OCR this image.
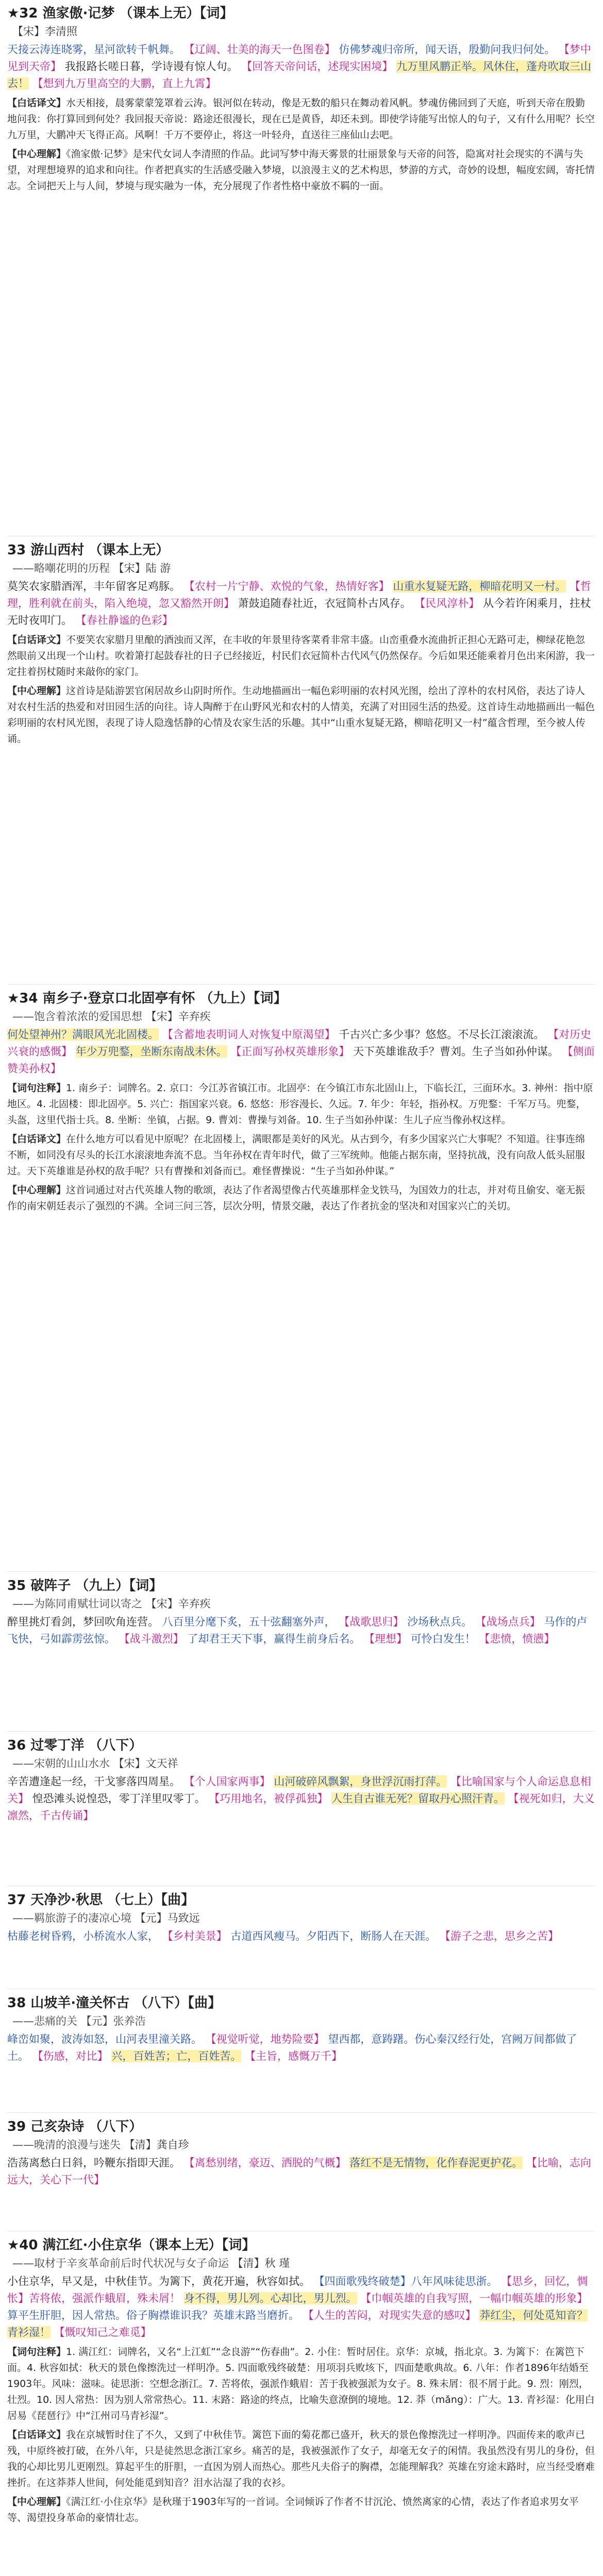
★32 渔家傲·记梦 （课本上无）【词】

【宋】李清照

天接云涛连晓雾，星河欲转千帆舞。 【辽阔、壮美的海天一色图卷】 仿佛梦魂归帝所，闻天语，殷勤问我归何处。 【梦中见到天帝】 我报路长嗟日暮，学诗谩有惊人句。 【回答天帝问话，述现实困境】 九万里风鹏正举。风休住，蓬舟吹取三山去！ 【想到九万里高空的大鹏，直上九霄】

【白话译文】水天相接，晨雾蒙蒙笼罩着云涛。银河似在转动，像是无数的船只在舞动着风帆。梦魂仿佛回到了天庭，听到天帝在殷勤地问我：你打算回到何处？我回报天帝说：路途还很漫长，现在已是黄昏，却还未到。即使学诗能写出惊人的句子，又有什么用呢？长空九万里，大鹏冲天飞得正高。风啊！千万不要停止，将这一叶轻舟，直送往三座仙山去吧。

【中心理解】《渔家傲·记梦》是宋代女词人李清照的作品。此词写梦中海天雾景的壮丽景象与天帝的问答，隐寓对社会现实的不满与失望，对理想境界的追求和向往。作者把真实的生活感受融入梦境，以浪漫主义的艺术构思，梦游的方式，奇妙的设想，幅度宏阔，寄托情志。全词把天上与人间，梦境与现实融为一体，充分展现了作者性格中豪放不羁的一面。

33 游山西村 （课本上无）

——略嘲花明的历程 【宋】陆 游

莫笑农家腊酒浑，丰年留客足鸡豚。 【农村一片宁静、欢悦的气象，热情好客】 山重水复疑无路，柳暗花明又一村。 【哲理，胜利就在前头，陷入绝境，忽又豁然开朗】 萧鼓追随春社近，衣冠简朴古风存。 【民风淳朴】 从今若许闲乘月，拄杖无时夜叩门。 【春社静谧的色彩】

【白话译文】不要笑农家腊月里酿的酒浊而又浑，在丰收的年景里待客菜肴非常丰盛。山峦重叠水流曲折正担心无路可走，柳绿花艳忽然眼前又出现一个山村。吹着箫打起鼓春社的日子已经接近，村民们衣冠简朴古代风气仍然保存。今后如果还能乘着月色出来闲游，我一定拄着拐杖随时来敲你的家门。

【中心理解】这首诗是陆游罢官闲居故乡山阴时所作。生动地描画出一幅色彩明丽的农村风光图，绘出了淳朴的农村风俗，表达了诗人对农村生活的热爱和对田园生活的向往。诗人陶醉于在山野风光和农村的人情美，充满了对田园生活的热爱。这首诗生动地描画出一幅色彩明丽的农村风光图，表现了诗人隐逸恬静的心情及农家生活的乐趣。其中“山重水复疑无路，柳暗花明又一村”蕴含哲理，至今被人传诵。

★34 南乡子·登京口北固亭有怀 （九上）【词】

——饱含着浓浓的爱国思想 【宋】辛弃疾

何处望神州？满眼风光北固楼。 【含蓄地表明词人对恢复中原渴望】 千古兴亡多少事？悠悠。不尽长江滚滚流。 【对历史兴衰的感慨】 年少万兜鍪，坐断东南战未休。 【正面写孙权英雄形象】 天下英雄谁敌手？曹刘。生子当如孙仲谋。 【侧面赞美孙权】

【词句注释】1. 南乡子：词牌名。2. 京口：今江苏省镇江市。北固亭：在今镇江市东北固山上，下临长江，三面环水。3. 神州：指中原地区。4. 北固楼：即北固亭。5. 兴亡：指国家兴衰。6. 悠悠：形容漫长、久远。7. 年少：年轻，指孙权。万兜鍪：千军万马。兜鍪，头盔，这里代指士兵。8. 坐断：坐镇，占据。9. 曹刘：曹操与刘备。10. 生子当如孙仲谋：生儿子应当像孙权这样。

【白话译文】在什么地方可以看见中原呢？在北固楼上，满眼都是美好的风光。从古到今，有多少国家兴亡大事呢？不知道。往事连绵不断，如同没有尽头的长江水滚滚地奔流不息。当年孙权在青年时代，做了三军统帅。他能占据东南，坚持抗战，没有向敌人低头屈服过。天下英雄谁是孙权的敌手呢？只有曹操和刘备而已。难怪曹操说：“生子当如孙仲谋。”

【中心理解】这首词通过对古代英雄人物的歌颂，表达了作者渴望像古代英雄那样金戈铁马，为国效力的壮志，并对苟且偷安、毫无振作的南宋朝廷表示了强烈的不满。全词三问三答，层次分明，情景交融，表达了作者抗金的坚决和对国家兴亡的关切。

35 破阵子 （九上）【词】

——为陈同甫赋壮词以寄之 【宋】辛弃疾

醉里挑灯看剑，梦回吹角连营。 八百里分麾下炙，五十弦翻塞外声， 【战歌思归】 沙场秋点兵。 【战场点兵】 马作的卢飞快，弓如霹雳弦惊。 【战斗激烈】 了却君王天下事，赢得生前身后名。 【理想】 可怜白发生！ 【悲愤，愤懑】

36 过零丁洋 （八下）

——宋朝的山山水水 【宋】文天祥

辛苦遭逢起一经，干戈寥落四周星。 【个人国家两事】 山河破碎风飘絮，身世浮沉雨打萍。 【比喻国家与个人命运息息相关】 惶恐滩头说惶恐，零丁洋里叹零丁。 【巧用地名，被俘孤独】 人生自古谁无死？留取丹心照汗青。 【视死如归，大义凛然，千古传诵】

37 天净沙·秋思 （七上）【曲】

——羁旅游子的凄凉心境 【元】马致远

枯藤老树昏鸦，小桥流水人家， 【乡村美景】 古道西风瘦马。夕阳西下，断肠人在天涯。 【游子之悲，思乡之苦】

38 山坡羊·潼关怀古 （八下）【曲】

——悲痛的关 【元】张养浩

峰峦如聚，波涛如怒，山河表里潼关路。 【视觉听觉，地势险要】 望西都，意踌躇。伤心秦汉经行处，宫阙万间都做了土。 【伤感，对比】 兴，百姓苦；亡，百姓苦。 【主旨，感慨万千】

39 己亥杂诗 （八下）

——晚清的浪漫与迷失 【清】龚自珍

浩荡离愁白日斜，吟鞭东指即天涯。 【离愁别绪，豪迈、洒脱的气概】 落红不是无情物，化作春泥更护花。 【比喻，志向远大，关心下一代】

★40 满江红·小住京华（课本上无）【词】

——取材于辛亥革命前后时代状况与女子命运 【清】秋 瑾

小住京华，早又是，中秋佳节。为篱下，黄花开遍，秋容如拭。 【四面歌残终破楚】八年风味徒思浙。 【思乡，回忆，惆怅】苦将侬，强派作蛾眉，殊未屑！ 身不得，男儿列。心却比，男儿烈。 【巾帼英雄的自我写照，一幅巾帼英雄的形象】 算平生肝胆，因人常热。俗子胸襟谁识我？英雄末路当磨折。 【人生的苦闷，对现实失意的感叹】 莽红尘，何处觅知音？青衫湿！ 【慨叹知己之难觅】

【词句注释】1. 满江红：词牌名，又名“上江虹”“念良游”“伤春曲”。2. 小住：暂时居住。京华：京城，指北京。3. 为篱下：在篱笆下面。4. 秋容如拭：秋天的景色像擦洗过一样明净。5. 四面歌残终破楚：用项羽兵败垓下，四面楚歌典故。6. 八年：作者1896年结婚至1903年。风味：滋味。徒思浙：空想念浙江。7. 苦将侬，强派作蛾眉：苦于我被强派为女子。8. 殊未屑：很不屑于此。9. 烈：刚烈，壮烈。10. 因人常热：因为别人常常热心。11. 末路：路途的终点，比喻失意潦倒的境地。12. 莽（mǎng）：广大。13. 青衫湿：化用白居易《琵琶行》中“江州司马青衫湿”。

【白话译文】我在京城暂时住了不久，又到了中秋佳节。篱笆下面的菊花都已盛开，秋天的景色像擦洗过一样明净。四面传来的歌声已残，中原终被打破，在外八年，只是徒然思念浙江家乡。痛苦的是，我被强派作了女子，却毫无女子的闲情。我虽然没有男儿的身份，但我的心却比男儿更刚烈。算起平生的肝胆，一直因为别人而热心。那些凡夫俗子的胸襟，怎能理解我？英雄在穷途末路时，应当经受磨难挫折。在这莽莽人世间，何处能觅到知音？泪水沾湿了我的衣衫。

【中心理解】《满江红·小住京华》是秋瑾于1903年写的一首词。全词倾诉了作者不甘沉沦、愤然离家的心情，表达了作者追求男女平等、渴望投身革命的豪情壮志。
